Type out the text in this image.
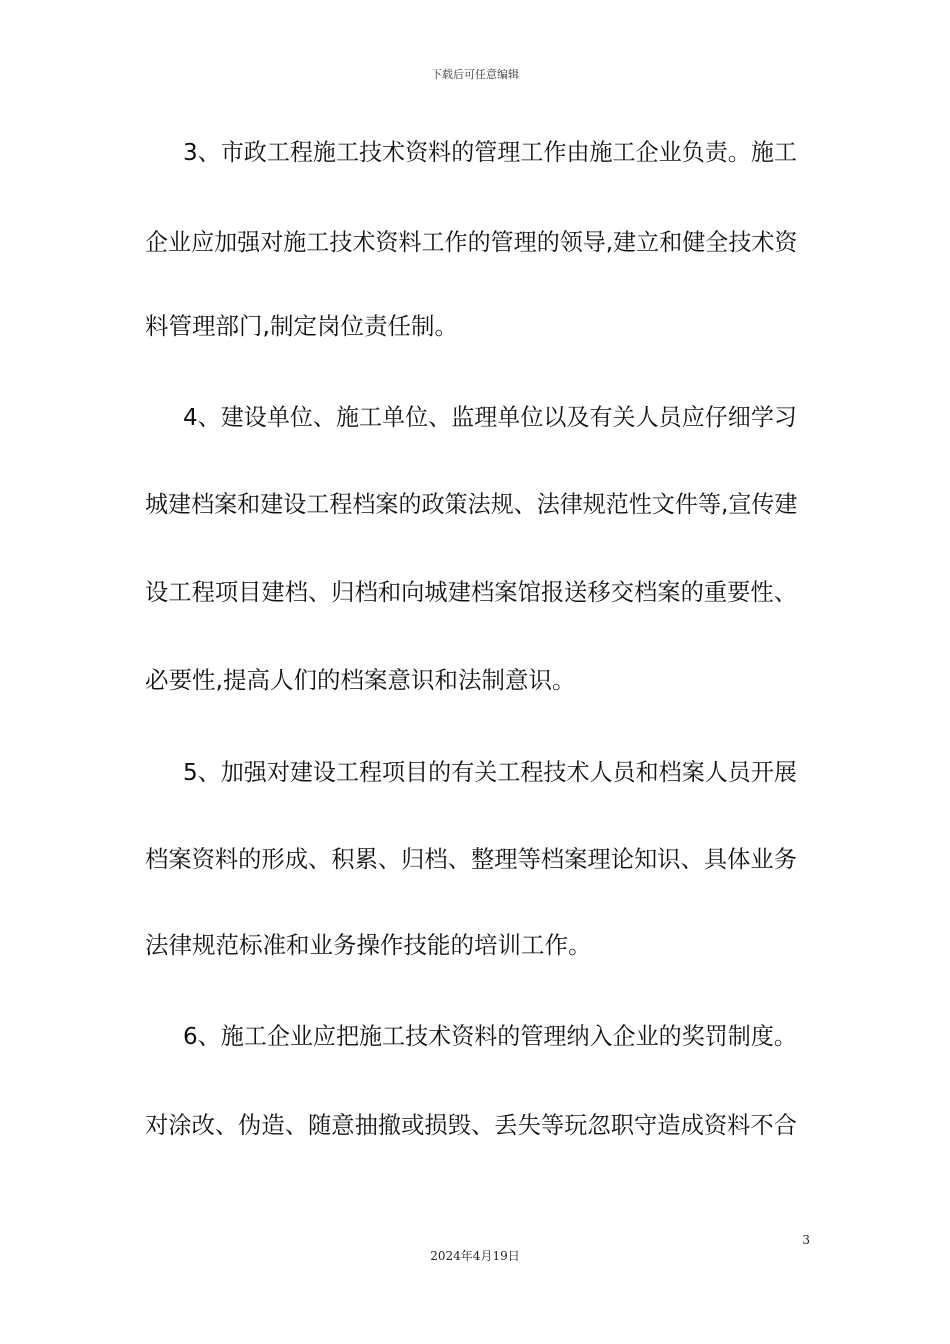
下载后可任意编辑
3、市政工程施工技术资料的管理工作由施工企业负责。施工
企业应加强对施工技术资料工作的管理的领导,建立和健全技术资
料管理部门,制定岗位责任制。
4、建设单位、施工单位、监理单位以及有关人员应仔细学习
城建档案和建设工程档案的政策法规、法律规范性文件等,宣传建
设工程项目建档、归档和向城建档案馆报送移交档案的重要性、
必要性,提高人们的档案意识和法制意识。
5、加强对建设工程项目的有关工程技术人员和档案人员开展
档案资料的形成、积累、归档、整理等档案理论知识、具体业务
法律规范标准和业务操作技能的培训工作。
6、施工企业应把施工技术资料的管理纳入企业的奖罚制度。
对涂改、伪造、随意抽撤或损毁、丢失等玩忽职守造成资料不合
3
2024年4月19日
